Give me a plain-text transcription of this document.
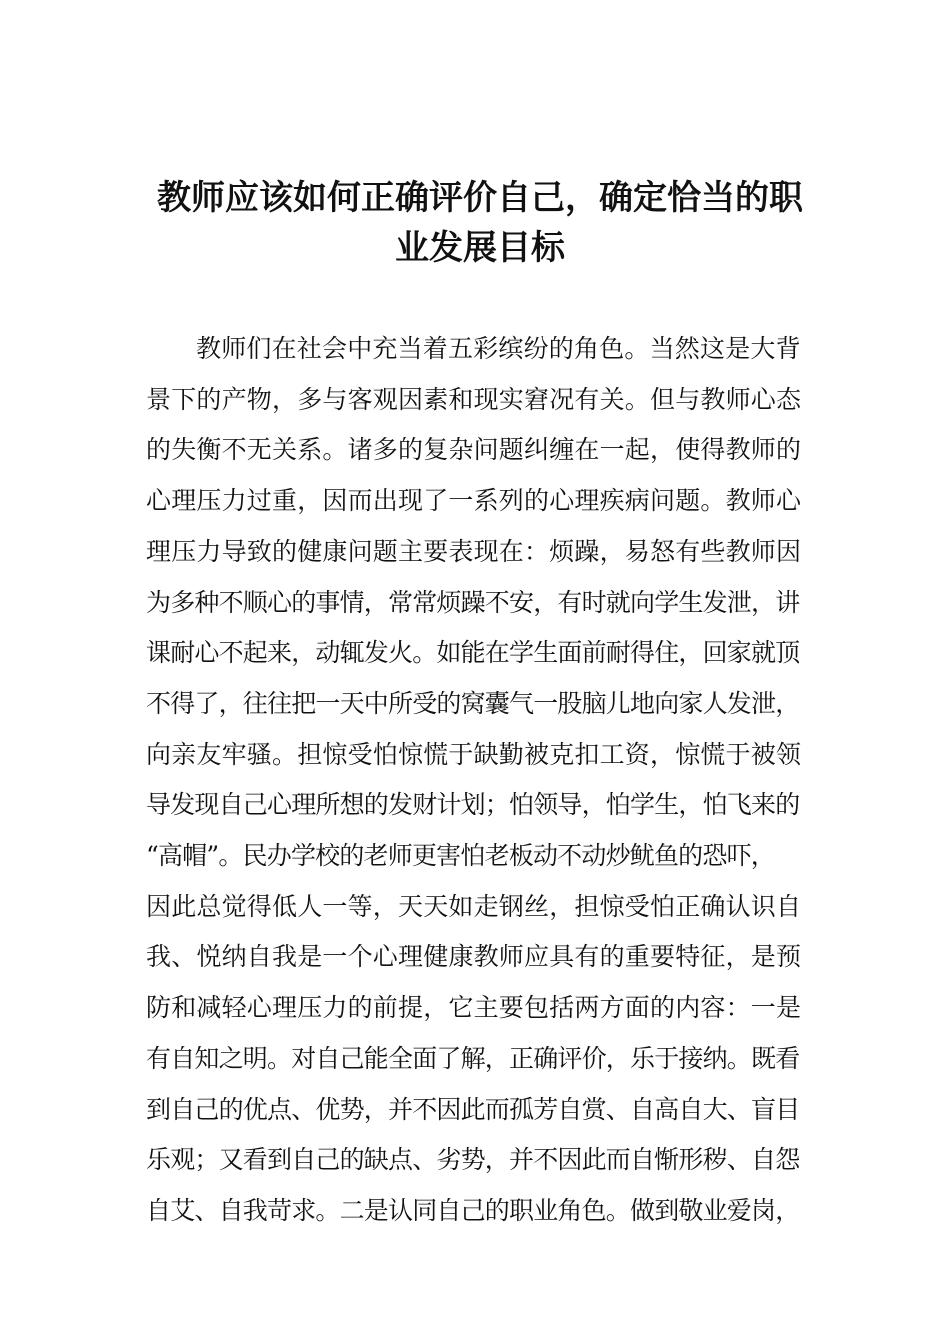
教师应该如何正确评价自己，确定恰当的职
业发展目标
教师们在社会中充当着五彩缤纷的角色。当然这是大背
景下的产物，多与客观因素和现实窘况有关。但与教师心态
的失衡不无关系。诸多的复杂问题纠缠在一起，使得教师的
心理压力过重，因而出现了一系列的心理疾病问题。教师心
理压力导致的健康问题主要表现在：烦躁，易怒有些教师因
为多种不顺心的事情，常常烦躁不安，有时就向学生发泄，讲
课耐心不起来，动辄发火。如能在学生面前耐得住，回家就顶
不得了，往往把一天中所受的窝囊气一股脑儿地向家人发泄，
向亲友牢骚。担惊受怕惊慌于缺勤被克扣工资，惊慌于被领
导发现自己心理所想的发财计划；怕领导，怕学生，怕飞来的
“高帽”。民办学校的老师更害怕老板动不动炒鱿鱼的恐吓，
因此总觉得低人一等，天天如走钢丝，担惊受怕正确认识自
我、悦纳自我是一个心理健康教师应具有的重要特征，是预
防和减轻心理压力的前提，它主要包括两方面的内容：一是
有自知之明。对自己能全面了解，正确评价，乐于接纳。既看
到自己的优点、优势，并不因此而孤芳自赏、自高自大、盲目
乐观；又看到自己的缺点、劣势，并不因此而自惭形秽、自怨
自艾、自我苛求。二是认同自己的职业角色。做到敬业爱岗，
